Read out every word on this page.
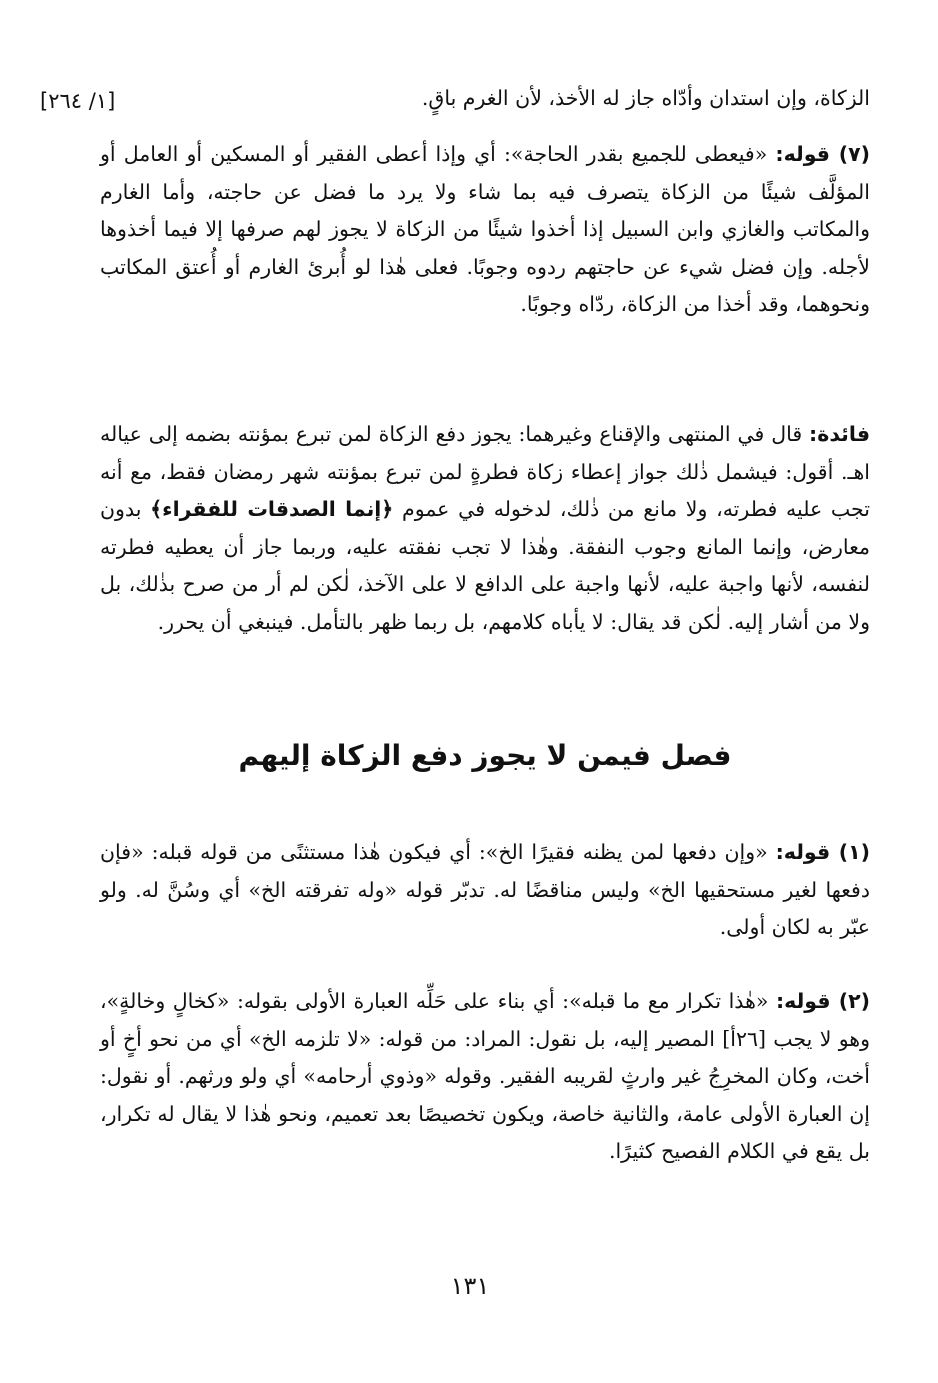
[١/ ٢٦٤]	الزكاة، وإن استدان وأدّاه جاز له الأخذ، لأن الغرم باقٍ.
(٧) قوله: «فيعطى للجميع بقدر الحاجة»: أي وإذا أعطى الفقير أو المسكين أو العامل أو المؤلَّف شيئًا من الزكاة يتصرف فيه بما شاء ولا يرد ما فضل عن حاجته، وأما الغارم والمكاتب والغازي وابن السبيل إذا أخذوا شيئًا من الزكاة لا يجوز لهم صرفها إلا فيما أخذوها لأجله. وإن فضل شيء عن حاجتهم ردوه وجوبًا. فعلى هٰذا لو أُبرئ الغارم أو أُعتق المكاتب ونحوهما، وقد أخذا من الزكاة، ردّاه وجوبًا.
فائدة: قال في المنتهى والإقناع وغيرهما: يجوز دفع الزكاة لمن تبرع بمؤنته بضمه إلى عياله اهـ. أقول: فيشمل ذٰلك جواز إعطاء زكاة فطرةٍ لمن تبرع بمؤنته شهر رمضان فقط، مع أنه تجب عليه فطرته، ولا مانع من ذٰلك، لدخوله في عموم ﴿إنما الصدقات للفقراء﴾ بدون معارض، وإنما المانع وجوب النفقة. وهٰذا لا تجب نفقته عليه، وربما جاز أن يعطيه فطرته لنفسه، لأنها واجبة عليه، لأنها واجبة على الدافع لا على الآخذ، لٰكن لم أر من صرح بذٰلك، بل ولا من أشار إليه. لٰكن قد يقال: لا يأباه كلامهم، بل ربما ظهر بالتأمل. فينبغي أن يحرر.
فصل فيمن لا يجوز دفع الزكاة إليهم
(١) قوله: «وإن دفعها لمن يظنه فقيرًا الخ»: أي فيكون هٰذا مستثنًى من قوله قبله: «فإن دفعها لغير مستحقيها الخ» وليس مناقضًا له. تدبّر قوله «وله تفرقته الخ» أي وسُنَّ له. ولو عبّر به لكان أولى.
(٢) قوله: «هٰذا تكرار مع ما قبله»: أي بناء على حَلِّه العبارة الأولى بقوله: «كخالٍ وخالةٍ»، وهو لا يجب [٢٦أ] المصير إليه، بل نقول: المراد: من قوله: «لا تلزمه الخ» أي من نحو أخٍ أو أخت، وكان المخرِجُ غير وارثٍ لقريبه الفقير. وقوله «وذوي أرحامه» أي ولو ورثهم. أو نقول: إن العبارة الأولى عامة، والثانية خاصة، ويكون تخصيصًا بعد تعميم، ونحو هٰذا لا يقال له تكرار، بل يقع في الكلام الفصيح كثيرًا.
١٣١
